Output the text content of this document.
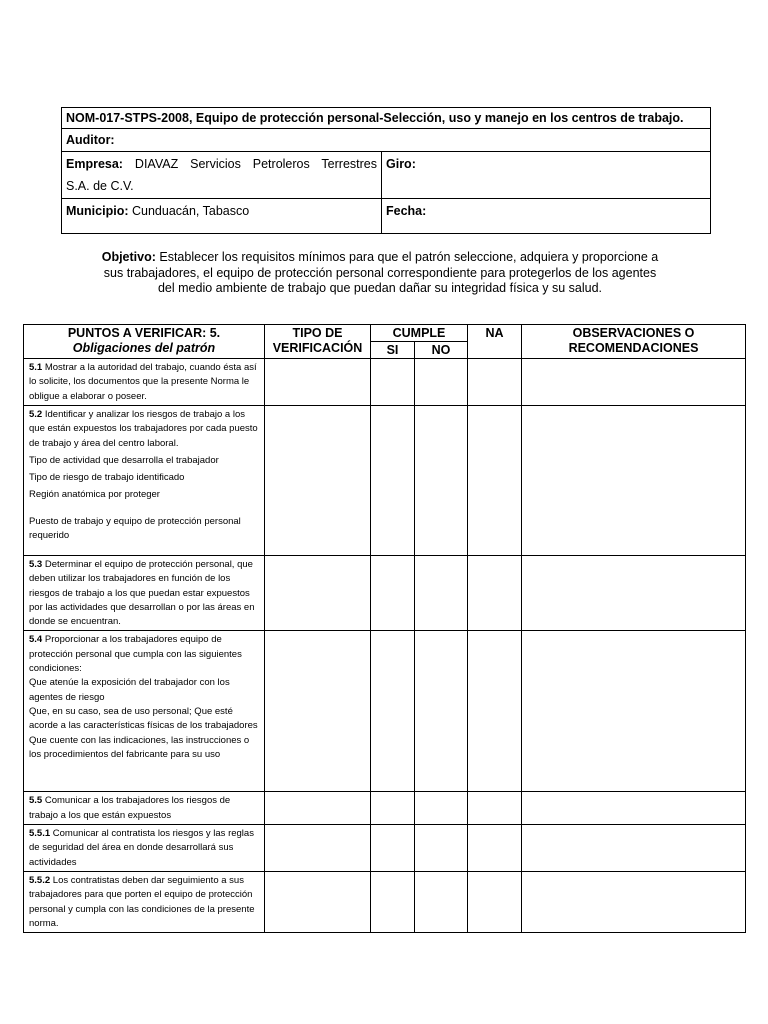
NOM-017-STPS-2008, Equipo de protección personal-Selección, uso y manejo en los centros de trabajo.	
Auditor:	

Empresa: DIAVAZ Servicios Petroleros Terrestres
S.A. de C.V.	Giro:
Municipio: Cunduacán, Tabasco	Fecha:
Objetivo: Establecer los requisitos mínimos para que el patrón seleccione, adquiera y proporcione a sus trabajadores, el equipo de protección personal correspondiente para protegerlos de los agentes del medio ambiente de trabajo que puedan dañar su integridad física y su salud.
PUNTOS A VERIFICAR: 5.
Obligaciones del patrón	TIPO DE VERIFICACIÓN	CUMPLE		NA	OBSERVACIONES O RECOMENDACIONES
		SI	NO		
5.1 Mostrar a la autoridad del trabajo, cuando ésta así lo solicite, los documentos que la presente Norma le obligue a elaborar o poseer.					

5.2 Identificar y analizar los riesgos de trabajo a los que están expuestos los trabajadores por cada puesto de trabajo y área del centro laboral.
Tipo de actividad que desarrolla el trabajador
Tipo de riesgo de trabajo identificado
Región anatómica por proteger
Puesto de trabajo y equipo de protección personal requerido					

5.3 Determinar el equipo de protección personal, que deben utilizar los trabajadores en función de los riesgos de trabajo a los que puedan estar expuestos por las actividades que desarrollan o por las áreas en donde se encuentran.					

5.4 Proporcionar a los trabajadores equipo de protección personal que cumpla con las siguientes condiciones:
Que atenúe la exposición del trabajador con los agentes de riesgo
Que, en su caso, sea de uso personal; Que esté acorde a las características físicas de los trabajadores
Que cuente con las indicaciones, las instrucciones o los procedimientos del fabricante para su uso					

5.5 Comunicar a los trabajadores los riesgos de trabajo a los que están expuestos					
5.5.1 Comunicar al contratista los riesgos y las reglas de seguridad del área en donde desarrollará sus actividades					
5.5.2 Los contratistas deben dar seguimiento a sus trabajadores para que porten el equipo de protección personal y cumpla con las condiciones de la presente norma.					
